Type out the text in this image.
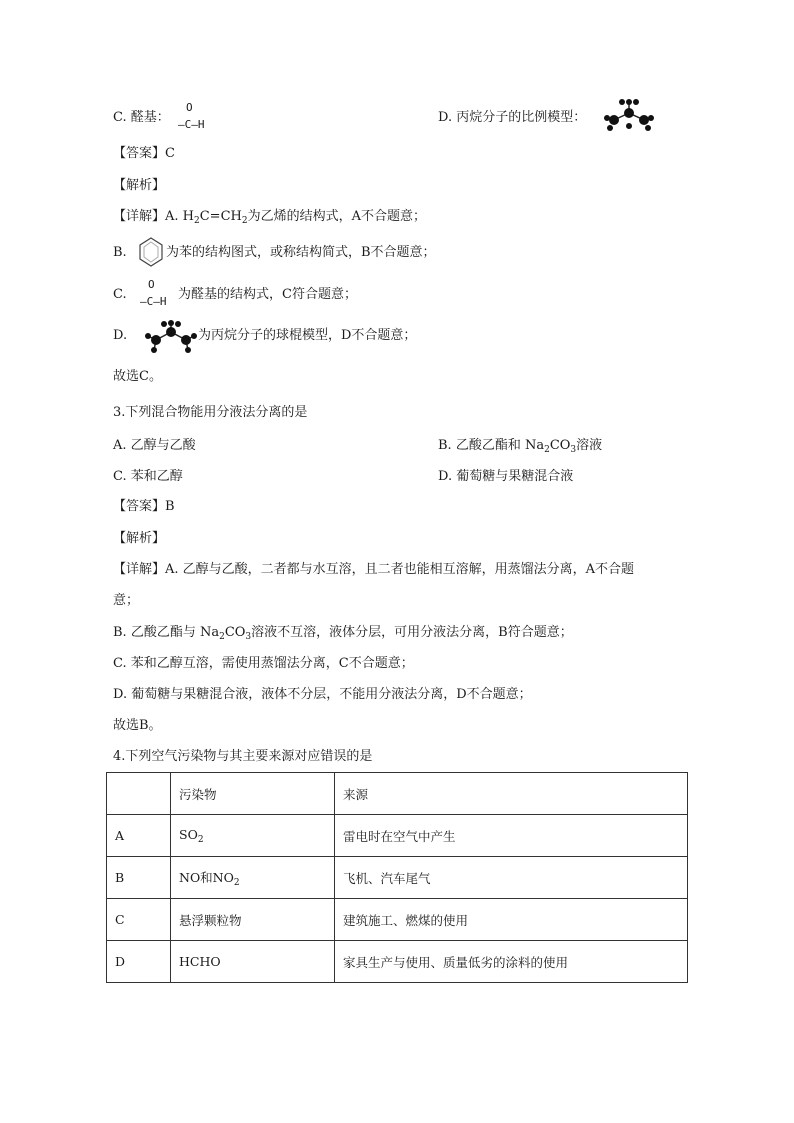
C. 醛基：
O
–C–H	D. 丙烷分子的比例模型：
【答案】C
【解析】
【详解】A. $H_2C=CH_2$为乙烯的结构式，A不合题意；
B.	为苯的结构图式，或称结构简式，B不合题意；
C.
O
–C–H 为醛基的结构式，C符合题意；
D.	为丙烷分子的球棍模型，D不合题意；
故选C。
3.下列混合物能用分液法分离的是
A. 乙醇与乙酸	B. 乙酸乙酯和 $Na_2CO_3$溶液
C. 苯和乙醇	D. 葡萄糖与果糖混合液
【答案】B
【解析】
【详解】A. 乙醇与乙酸，二者都与水互溶，且二者也能相互溶解，用蒸馏法分离，A不合题
意；
B. 乙酸乙酯与 $Na_2CO_3$溶液不互溶，液体分层，可用分液法分离，B符合题意；
C. 苯和乙醇互溶，需使用蒸馏法分离，C不合题意；
D. 葡萄糖与果糖混合液，液体不分层，不能用分液法分离，D不合题意；
故选B。
4.下列空气污染物与其主要来源对应错误的是
	污染物	来源
A	$SO_2$	雷电时在空气中产生
B	NO和$NO_2$	飞机、汽车尾气
C	悬浮颗粒物	建筑施工、燃煤的使用
D	HCHO	家具生产与使用、质量低劣的涂料的使用
